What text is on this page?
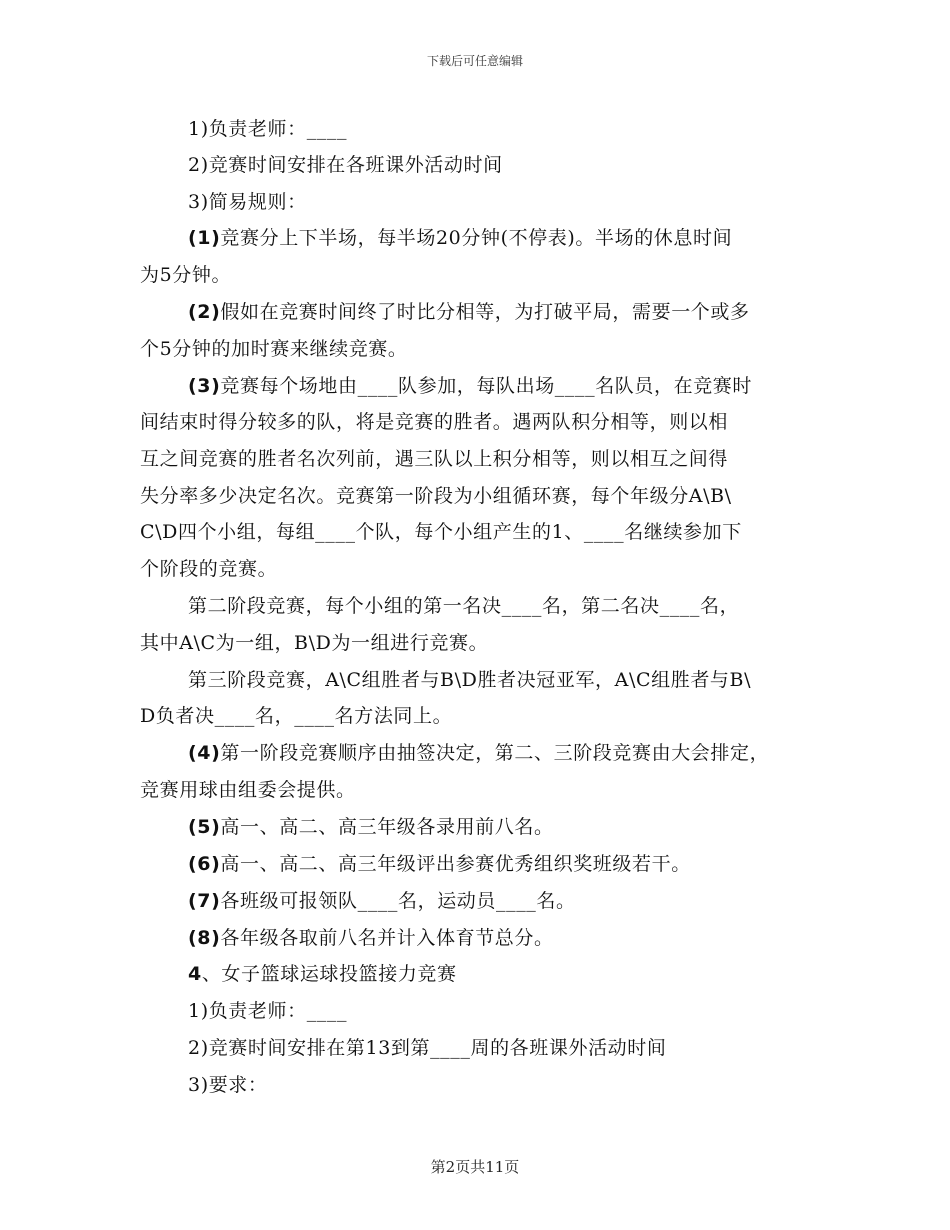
下载后可任意编辑
1)负责老师：____
2)竞赛时间安排在各班课外活动时间
3)简易规则：
(1)竞赛分上下半场，每半场20分钟(不停表)。半场的休息时间
为5分钟。
(2)假如在竞赛时间终了时比分相等，为打破平局，需要一个或多
个5分钟的加时赛来继续竞赛。
(3)竞赛每个场地由____队参加，每队出场____名队员，在竞赛时
间结束时得分较多的队，将是竞赛的胜者。遇两队积分相等，则以相
互之间竞赛的胜者名次列前，遇三队以上积分相等，则以相互之间得
失分率多少决定名次。竞赛第一阶段为小组循环赛，每个年级分A\B\
C\D四个小组，每组____个队，每个小组产生的1、____名继续参加下
个阶段的竞赛。
第二阶段竞赛，每个小组的第一名决____名，第二名决____名，
其中A\C为一组，B\D为一组进行竞赛。
第三阶段竞赛，A\C组胜者与B\D胜者决冠亚军，A\C组胜者与B\
D负者决____名，____名方法同上。
(4)第一阶段竞赛顺序由抽签决定，第二、三阶段竞赛由大会排定，
竞赛用球由组委会提供。
(5)高一、高二、高三年级各录用前八名。
(6)高一、高二、高三年级评出参赛优秀组织奖班级若干。
(7)各班级可报领队____名，运动员____名。
(8)各年级各取前八名并计入体育节总分。
4、女子篮球运球投篮接力竞赛
1)负责老师：____
2)竞赛时间安排在第13到第____周的各班课外活动时间
3)要求：
第2页共11页
